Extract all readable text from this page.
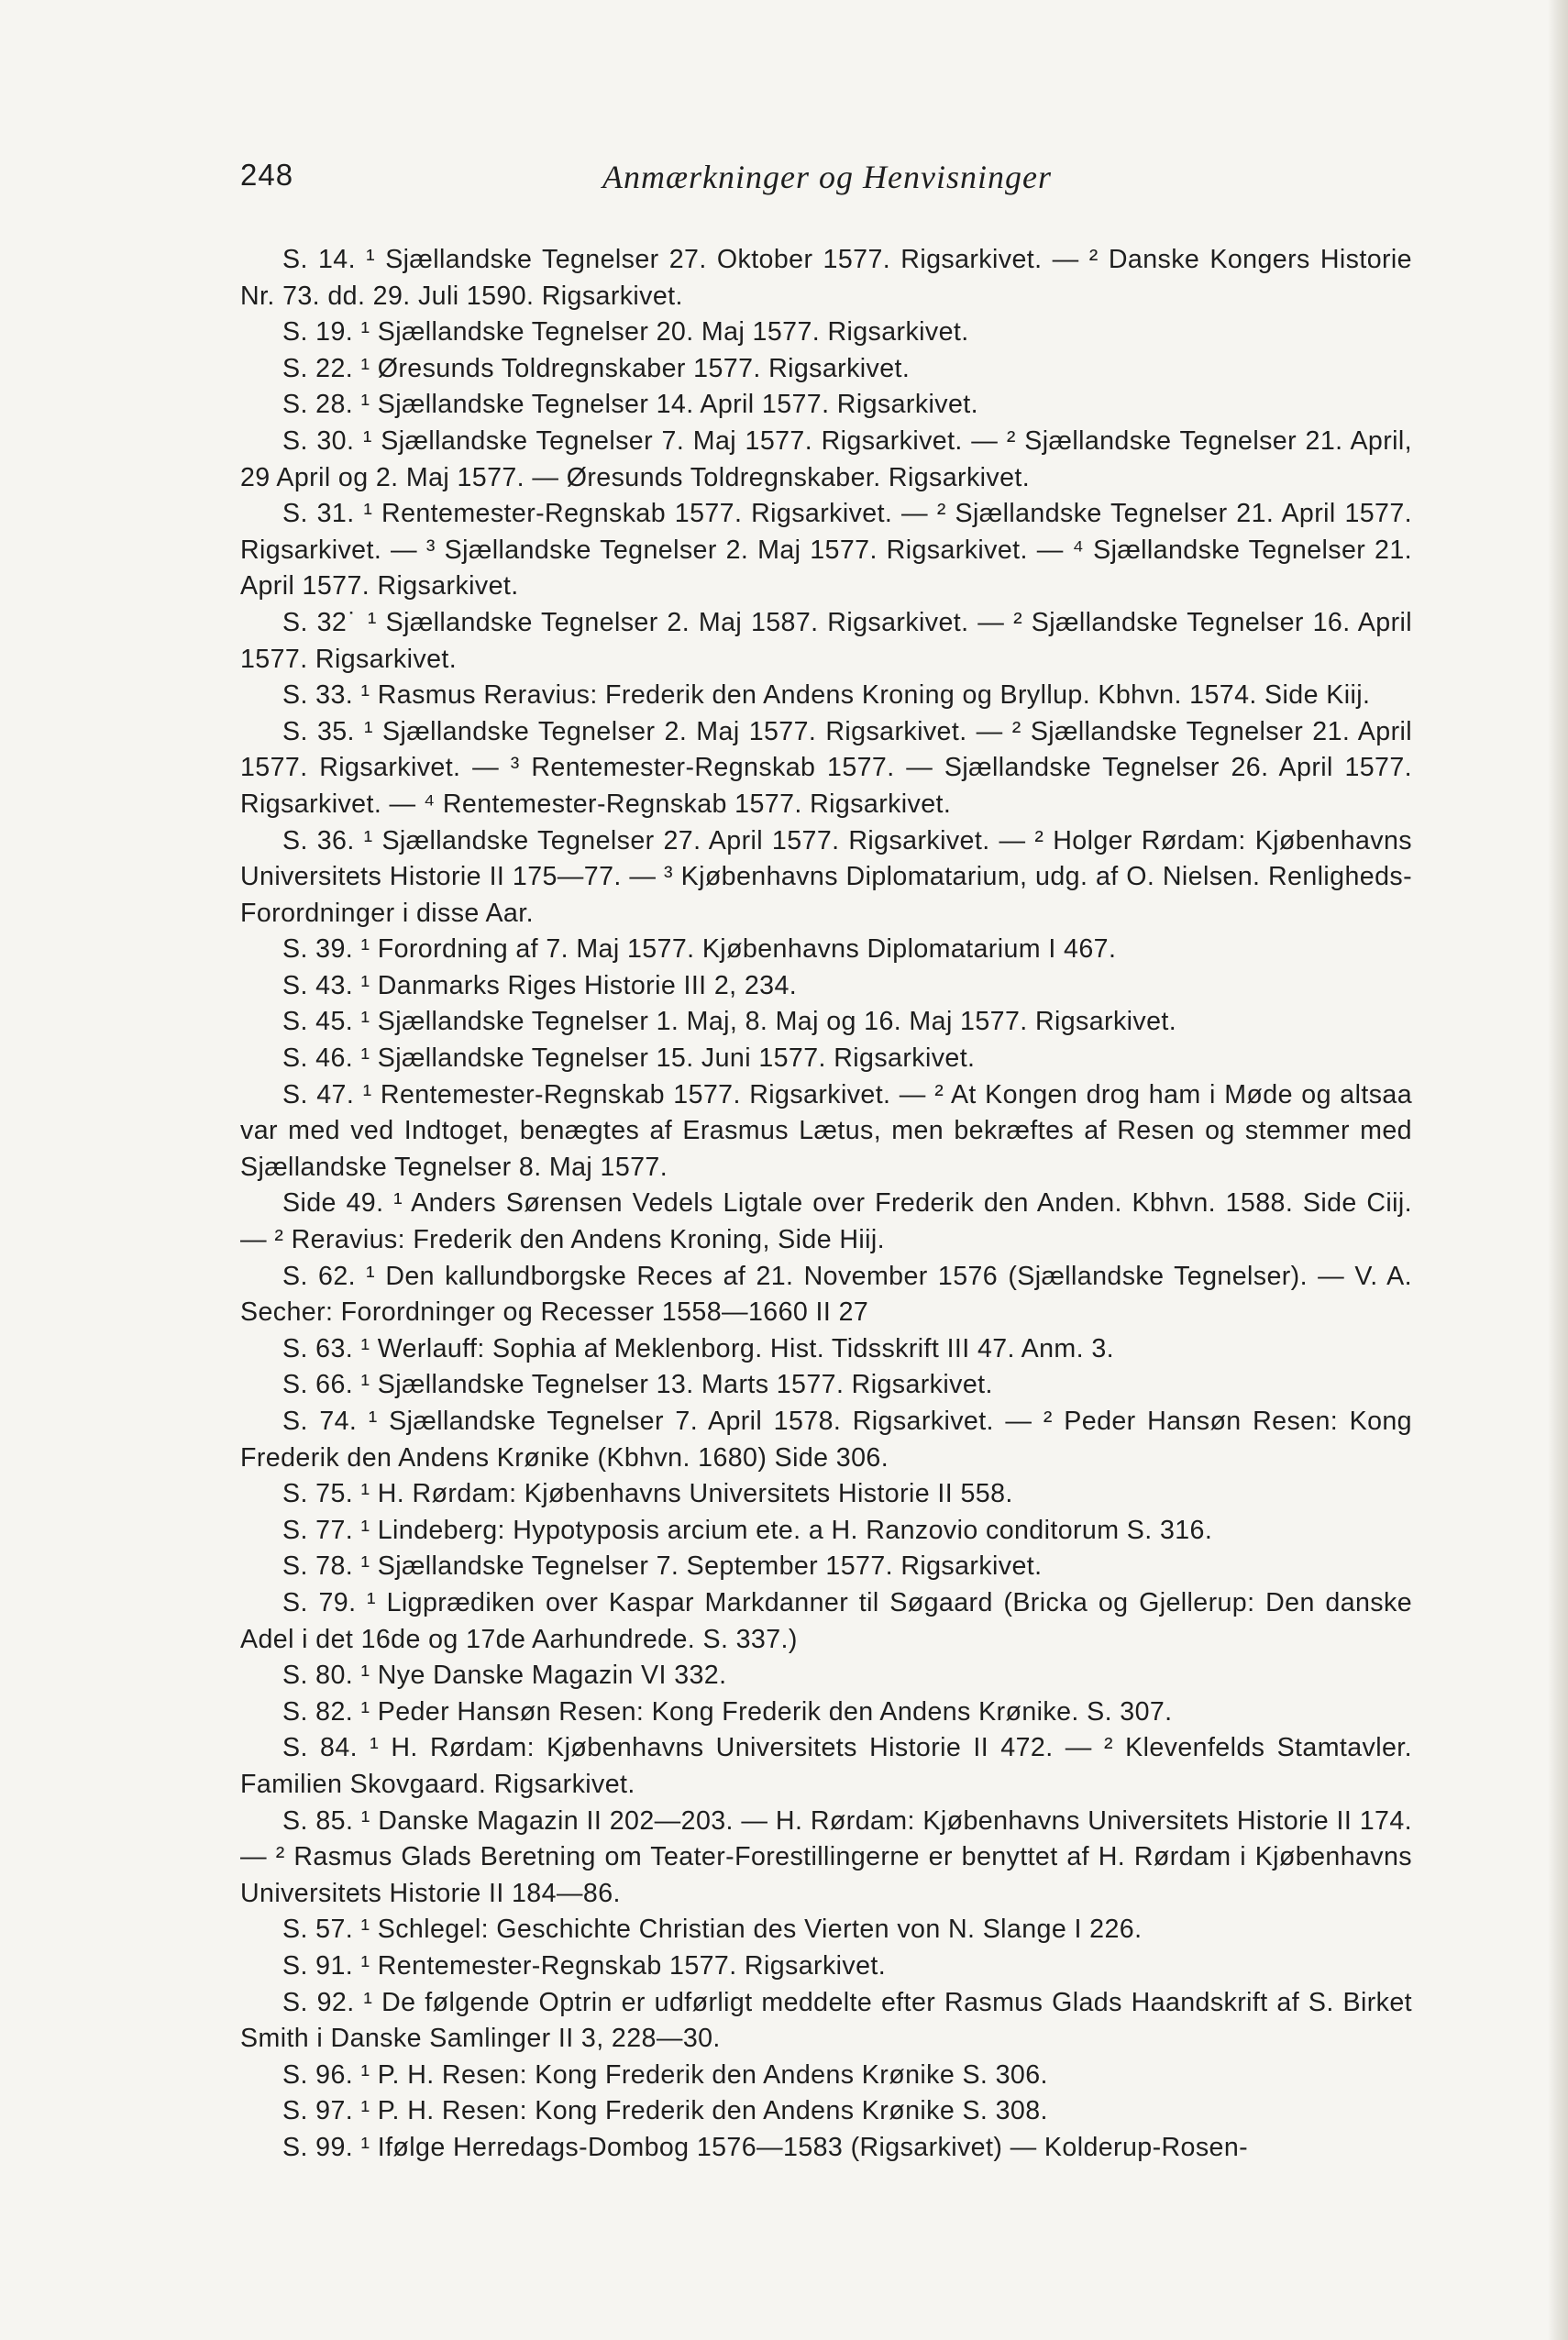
248	Anmærkninger og Henvisninger

S. 14. ¹ Sjællandske Tegnelser 27. Oktober 1577. Rigsarkivet. — ² Danske Kongers Historie Nr. 73. dd. 29. Juli 1590. Rigsarkivet.

S. 19. ¹ Sjællandske Tegnelser 20. Maj 1577. Rigsarkivet.

S. 22. ¹ Øresunds Toldregnskaber 1577. Rigsarkivet.

S. 28. ¹ Sjællandske Tegnelser 14. April 1577. Rigsarkivet.

S. 30. ¹ Sjællandske Tegnelser 7. Maj 1577. Rigsarkivet. — ² Sjællandske Tegnelser 21. April, 29 April og 2. Maj 1577. — Øresunds Toldregnskaber. Rigsarkivet.

S. 31. ¹ Rentemester-Regnskab 1577. Rigsarkivet. — ² Sjællandske Tegnelser 21. April 1577. Rigsarkivet. — ³ Sjællandske Tegnelser 2. Maj 1577. Rigsarkivet. — ⁴ Sjællandske Tegnelser 21. April 1577. Rigsarkivet.

S. 32˙ ¹ Sjællandske Tegnelser 2. Maj 1587. Rigsarkivet. — ² Sjællandske Tegnelser 16. April 1577. Rigsarkivet.

S. 33. ¹ Rasmus Reravius: Frederik den Andens Kroning og Bryllup. Kbhvn. 1574. Side Kiij.

S. 35. ¹ Sjællandske Tegnelser 2. Maj 1577. Rigsarkivet. — ² Sjællandske Tegnelser 21. April 1577. Rigsarkivet. — ³ Rentemester-Regnskab 1577. — Sjællandske Tegnelser 26. April 1577. Rigsarkivet. — ⁴ Rentemester-Regnskab 1577. Rigsarkivet.

S. 36. ¹ Sjællandske Tegnelser 27. April 1577. Rigsarkivet. — ² Holger Rørdam: Kjøbenhavns Universitets Historie II 175—77. — ³ Kjøbenhavns Diplomatarium, udg. af O. Nielsen. Renligheds-Forordninger i disse Aar.

S. 39. ¹ Forordning af 7. Maj 1577. Kjøbenhavns Diplomatarium I 467.

S. 43. ¹ Danmarks Riges Historie III 2, 234.

S. 45. ¹ Sjællandske Tegnelser 1. Maj, 8. Maj og 16. Maj 1577. Rigsarkivet.

S. 46. ¹ Sjællandske Tegnelser 15. Juni 1577. Rigsarkivet.

S. 47. ¹ Rentemester-Regnskab 1577. Rigsarkivet. — ² At Kongen drog ham i Møde og altsaa var med ved Indtoget, benægtes af Erasmus Lætus, men bekræftes af Resen og stemmer med Sjællandske Tegnelser 8. Maj 1577.

Side 49. ¹ Anders Sørensen Vedels Ligtale over Frederik den Anden. Kbhvn. 1588. Side Ciij. — ² Reravius: Frederik den Andens Kroning, Side Hiij.

S. 62. ¹ Den kallundborgske Reces af 21. November 1576 (Sjællandske Tegnelser). — V. A. Secher: Forordninger og Recesser 1558—1660 II 27

S. 63. ¹ Werlauff: Sophia af Meklenborg. Hist. Tidsskrift III 47. Anm. 3.

S. 66. ¹ Sjællandske Tegnelser 13. Marts 1577. Rigsarkivet.

S. 74. ¹ Sjællandske Tegnelser 7. April 1578. Rigsarkivet. — ² Peder Hansøn Resen: Kong Frederik den Andens Krønike (Kbhvn. 1680) Side 306.

S. 75. ¹ H. Rørdam: Kjøbenhavns Universitets Historie II 558.

S. 77. ¹ Lindeberg: Hypotyposis arcium ete. a H. Ranzovio conditorum S. 316.

S. 78. ¹ Sjællandske Tegnelser 7. September 1577. Rigsarkivet.

S. 79. ¹ Ligprædiken over Kaspar Markdanner til Søgaard (Bricka og Gjellerup: Den danske Adel i det 16de og 17de Aarhundrede. S. 337.)

S. 80. ¹ Nye Danske Magazin VI 332.

S. 82. ¹ Peder Hansøn Resen: Kong Frederik den Andens Krønike. S. 307.

S. 84. ¹ H. Rørdam: Kjøbenhavns Universitets Historie II 472. — ² Klevenfelds Stamtavler. Familien Skovgaard. Rigsarkivet.

S. 85. ¹ Danske Magazin II 202—203. — H. Rørdam: Kjøbenhavns Universitets Historie II 174. — ² Rasmus Glads Beretning om Teater-Forestillingerne er benyttet af H. Rørdam i Kjøbenhavns Universitets Historie II 184—86.

S. 57. ¹ Schlegel: Geschichte Christian des Vierten von N. Slange I 226.

S. 91. ¹ Rentemester-Regnskab 1577. Rigsarkivet.

S. 92. ¹ De følgende Optrin er udførligt meddelte efter Rasmus Glads Haandskrift af S. Birket Smith i Danske Samlinger II 3, 228—30.

S. 96. ¹ P. H. Resen: Kong Frederik den Andens Krønike S. 306.

S. 97. ¹ P. H. Resen: Kong Frederik den Andens Krønike S. 308.

S. 99. ¹ Ifølge Herredags-Dombog 1576—1583 (Rigsarkivet) — Kolderup-Rosen-
